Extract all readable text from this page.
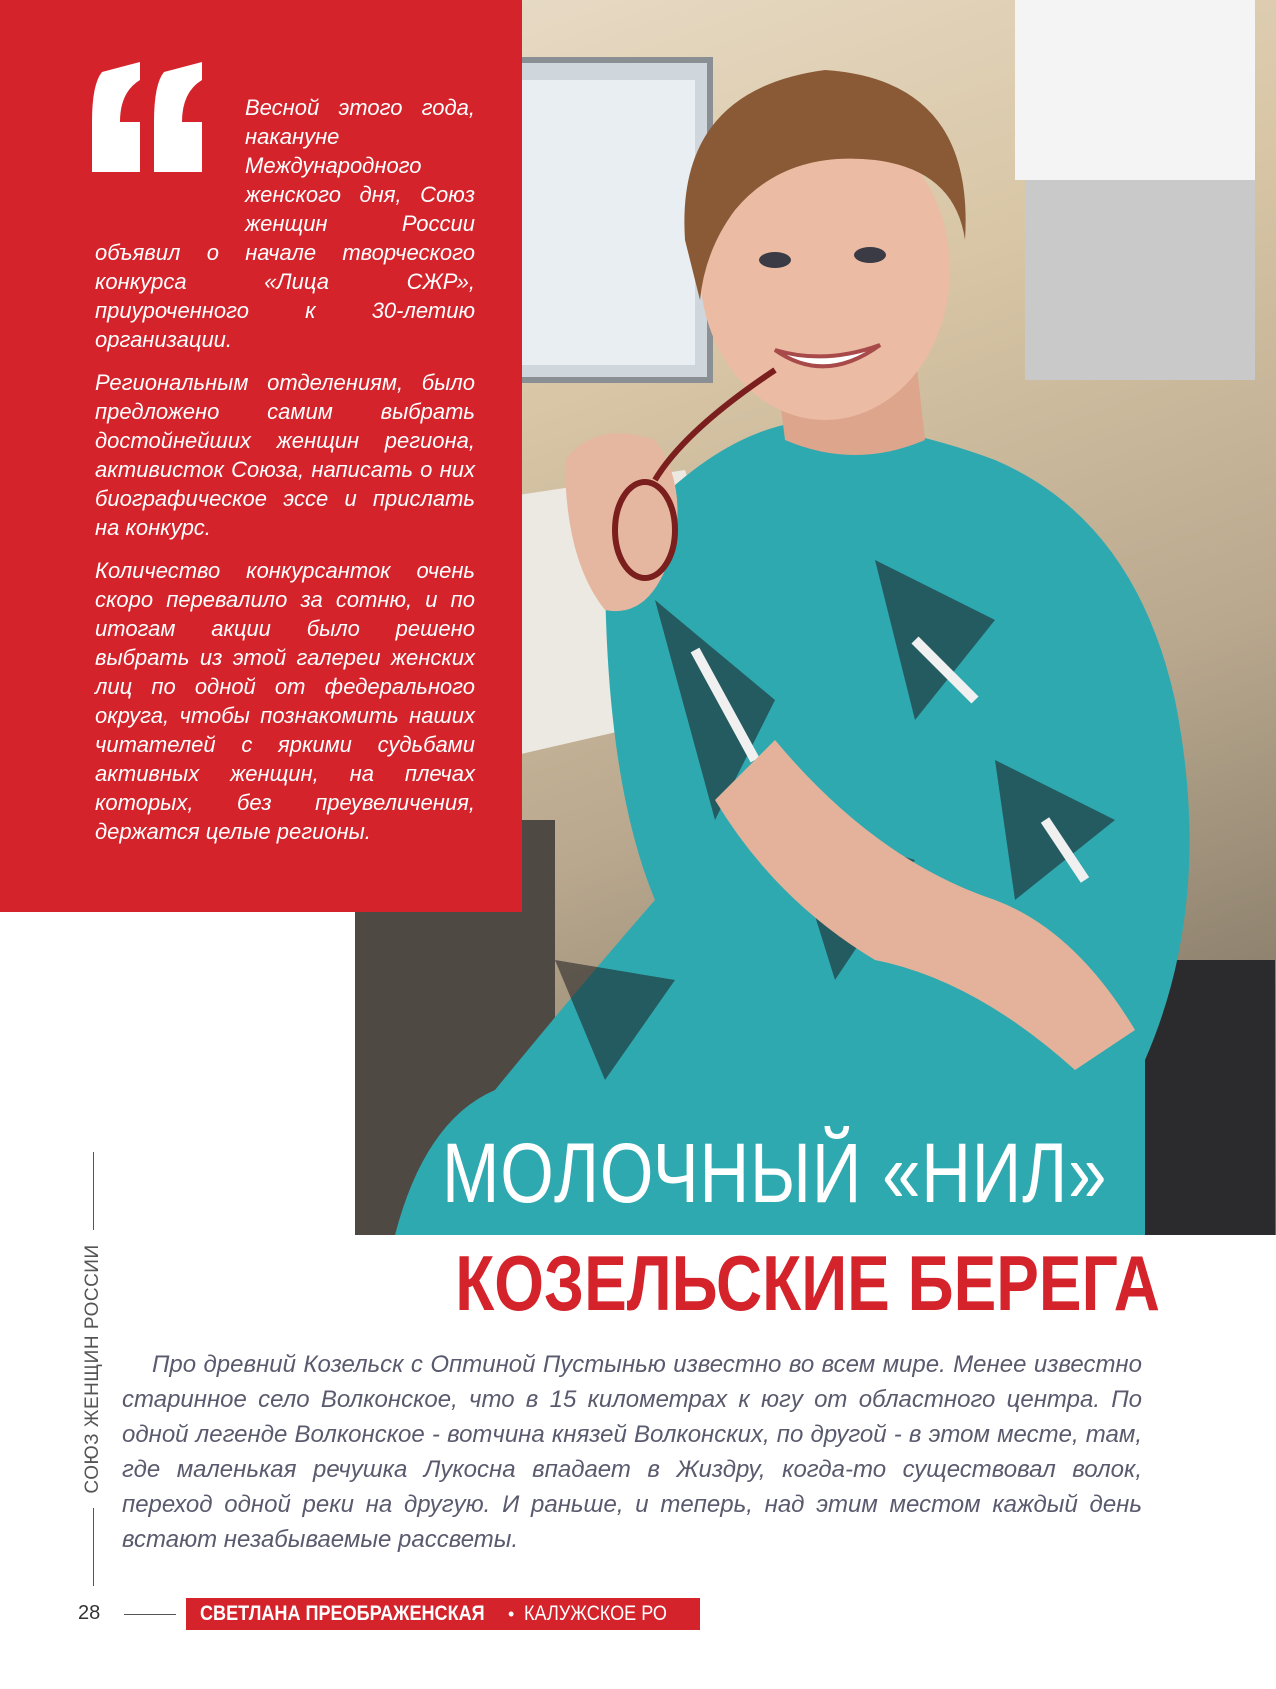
Весной этого года, накануне Международного женского дня, Союз женщин России объявил о начале творческого конкурса «Лица СЖР», приуроченного к 30-летию организации.

Региональным отделениям, было предложено самим выбрать достойнейших женщин региона, активисток Союза, написать о них биографическое эссе и прислать на конкурс.

Количество конкурсанток очень скоро перевалило за сотню, и по итогам акции было решено выбрать из этой галереи женских лиц по одной от федерального округа, чтобы познакомить наших читателей с яркими судьбами активных женщин, на плечах которых, без преувеличения, держатся целые регионы.

СОЮЗ ЖЕНЩИН РОССИИ
МОЛОЧНЫЙ «НИЛ»
КОЗЕЛЬСКИЕ БЕРЕГА

Про древний Козельск с Оптиной Пустынью известно во всем мире. Менее известно старинное село Волконское, что в 15 километрах к югу от областного центра. По одной легенде Волконское - вотчина князей Волконских, по другой - в этом месте, там, где маленькая речушка Лукосна впадает в Жиздру, когда-то существовал волок, переход одной реки на другую. И раньше, и теперь, над этим местом каждый день встают незабываемые рассветы.

28	СВЕТЛАНА ПРЕОБРАЖЕНСКАЯ • КАЛУЖСКОЕ РО
